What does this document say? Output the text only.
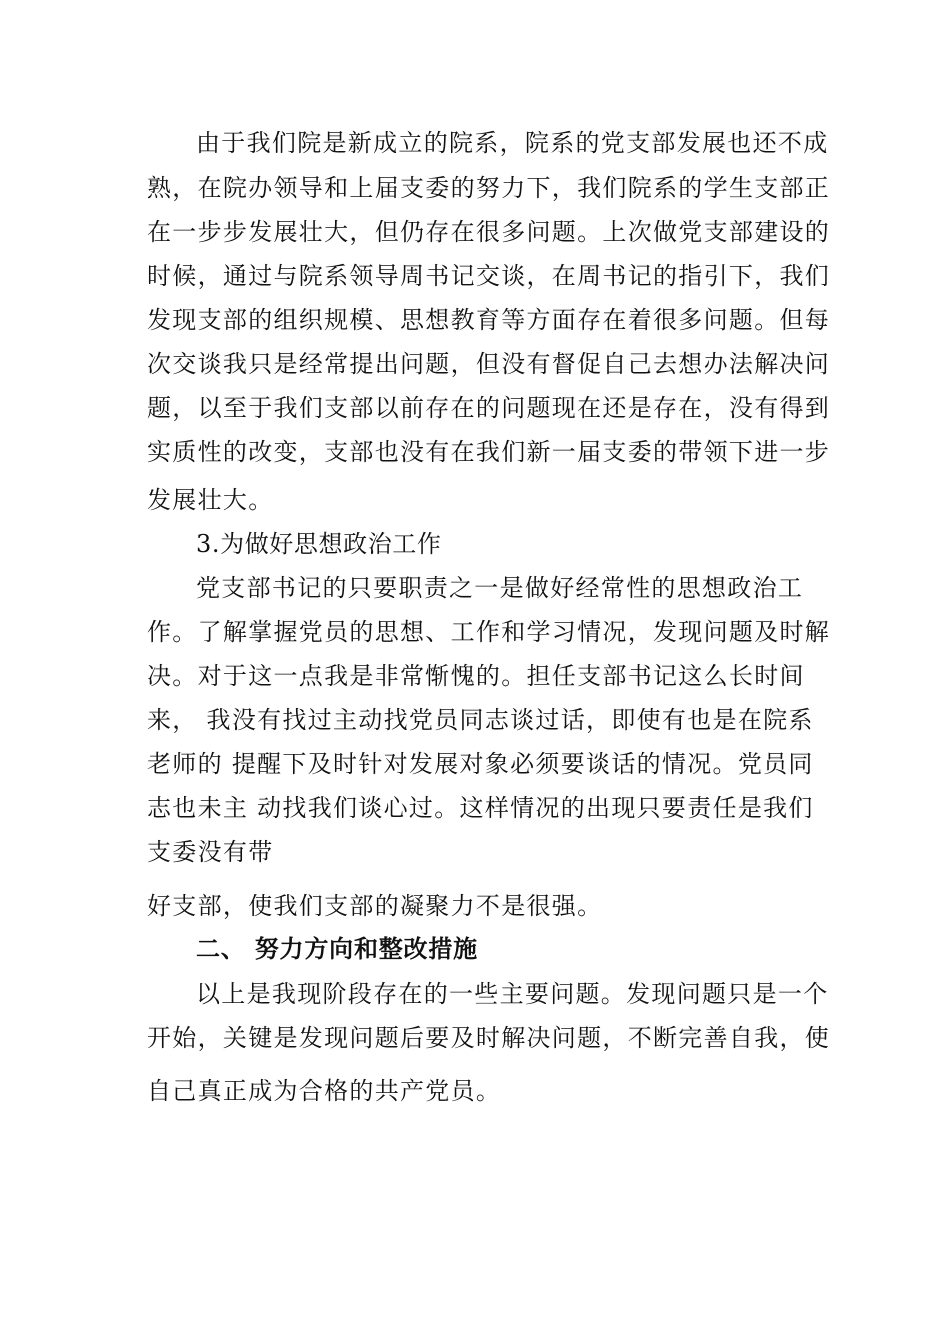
由于我们院是新成立的院系，院系的党支部发展也还不成
熟，在院办领导和上届支委的努力下，我们院系的学生支部正
在一步步发展壮大，但仍存在很多问题。上次做党支部建设的
时候，通过与院系领导周书记交谈，在周书记的指引下，我们
发现支部的组织规模、思想教育等方面存在着很多问题。但每
次交谈我只是经常提出问题，但没有督促自己去想办法解决问
题，以至于我们支部以前存在的问题现在还是存在，没有得到
实质性的改变，支部也没有在我们新一届支委的带领下进一步
发展壮大。
3.为做好思想政治工作
党支部书记的只要职责之一是做好经常性的思想政治工
作。了解掌握党员的思想、工作和学习情况，发现问题及时解
决。对于这一点我是非常惭愧的。担任支部书记这么长时间
来， 我没有找过主动找党员同志谈过话，即使有也是在院系
老师的 提醒下及时针对发展对象必须要谈话的情况。党员同
志也未主 动找我们谈心过。这样情况的出现只要责任是我们
支委没有带
好支部，使我们支部的凝聚力不是很强。
二、 努力方向和整改措施
以上是我现阶段存在的一些主要问题。发现问题只是一个
开始，关键是发现问题后要及时解决问题，不断完善自我，使
自己真正成为合格的共产党员。
